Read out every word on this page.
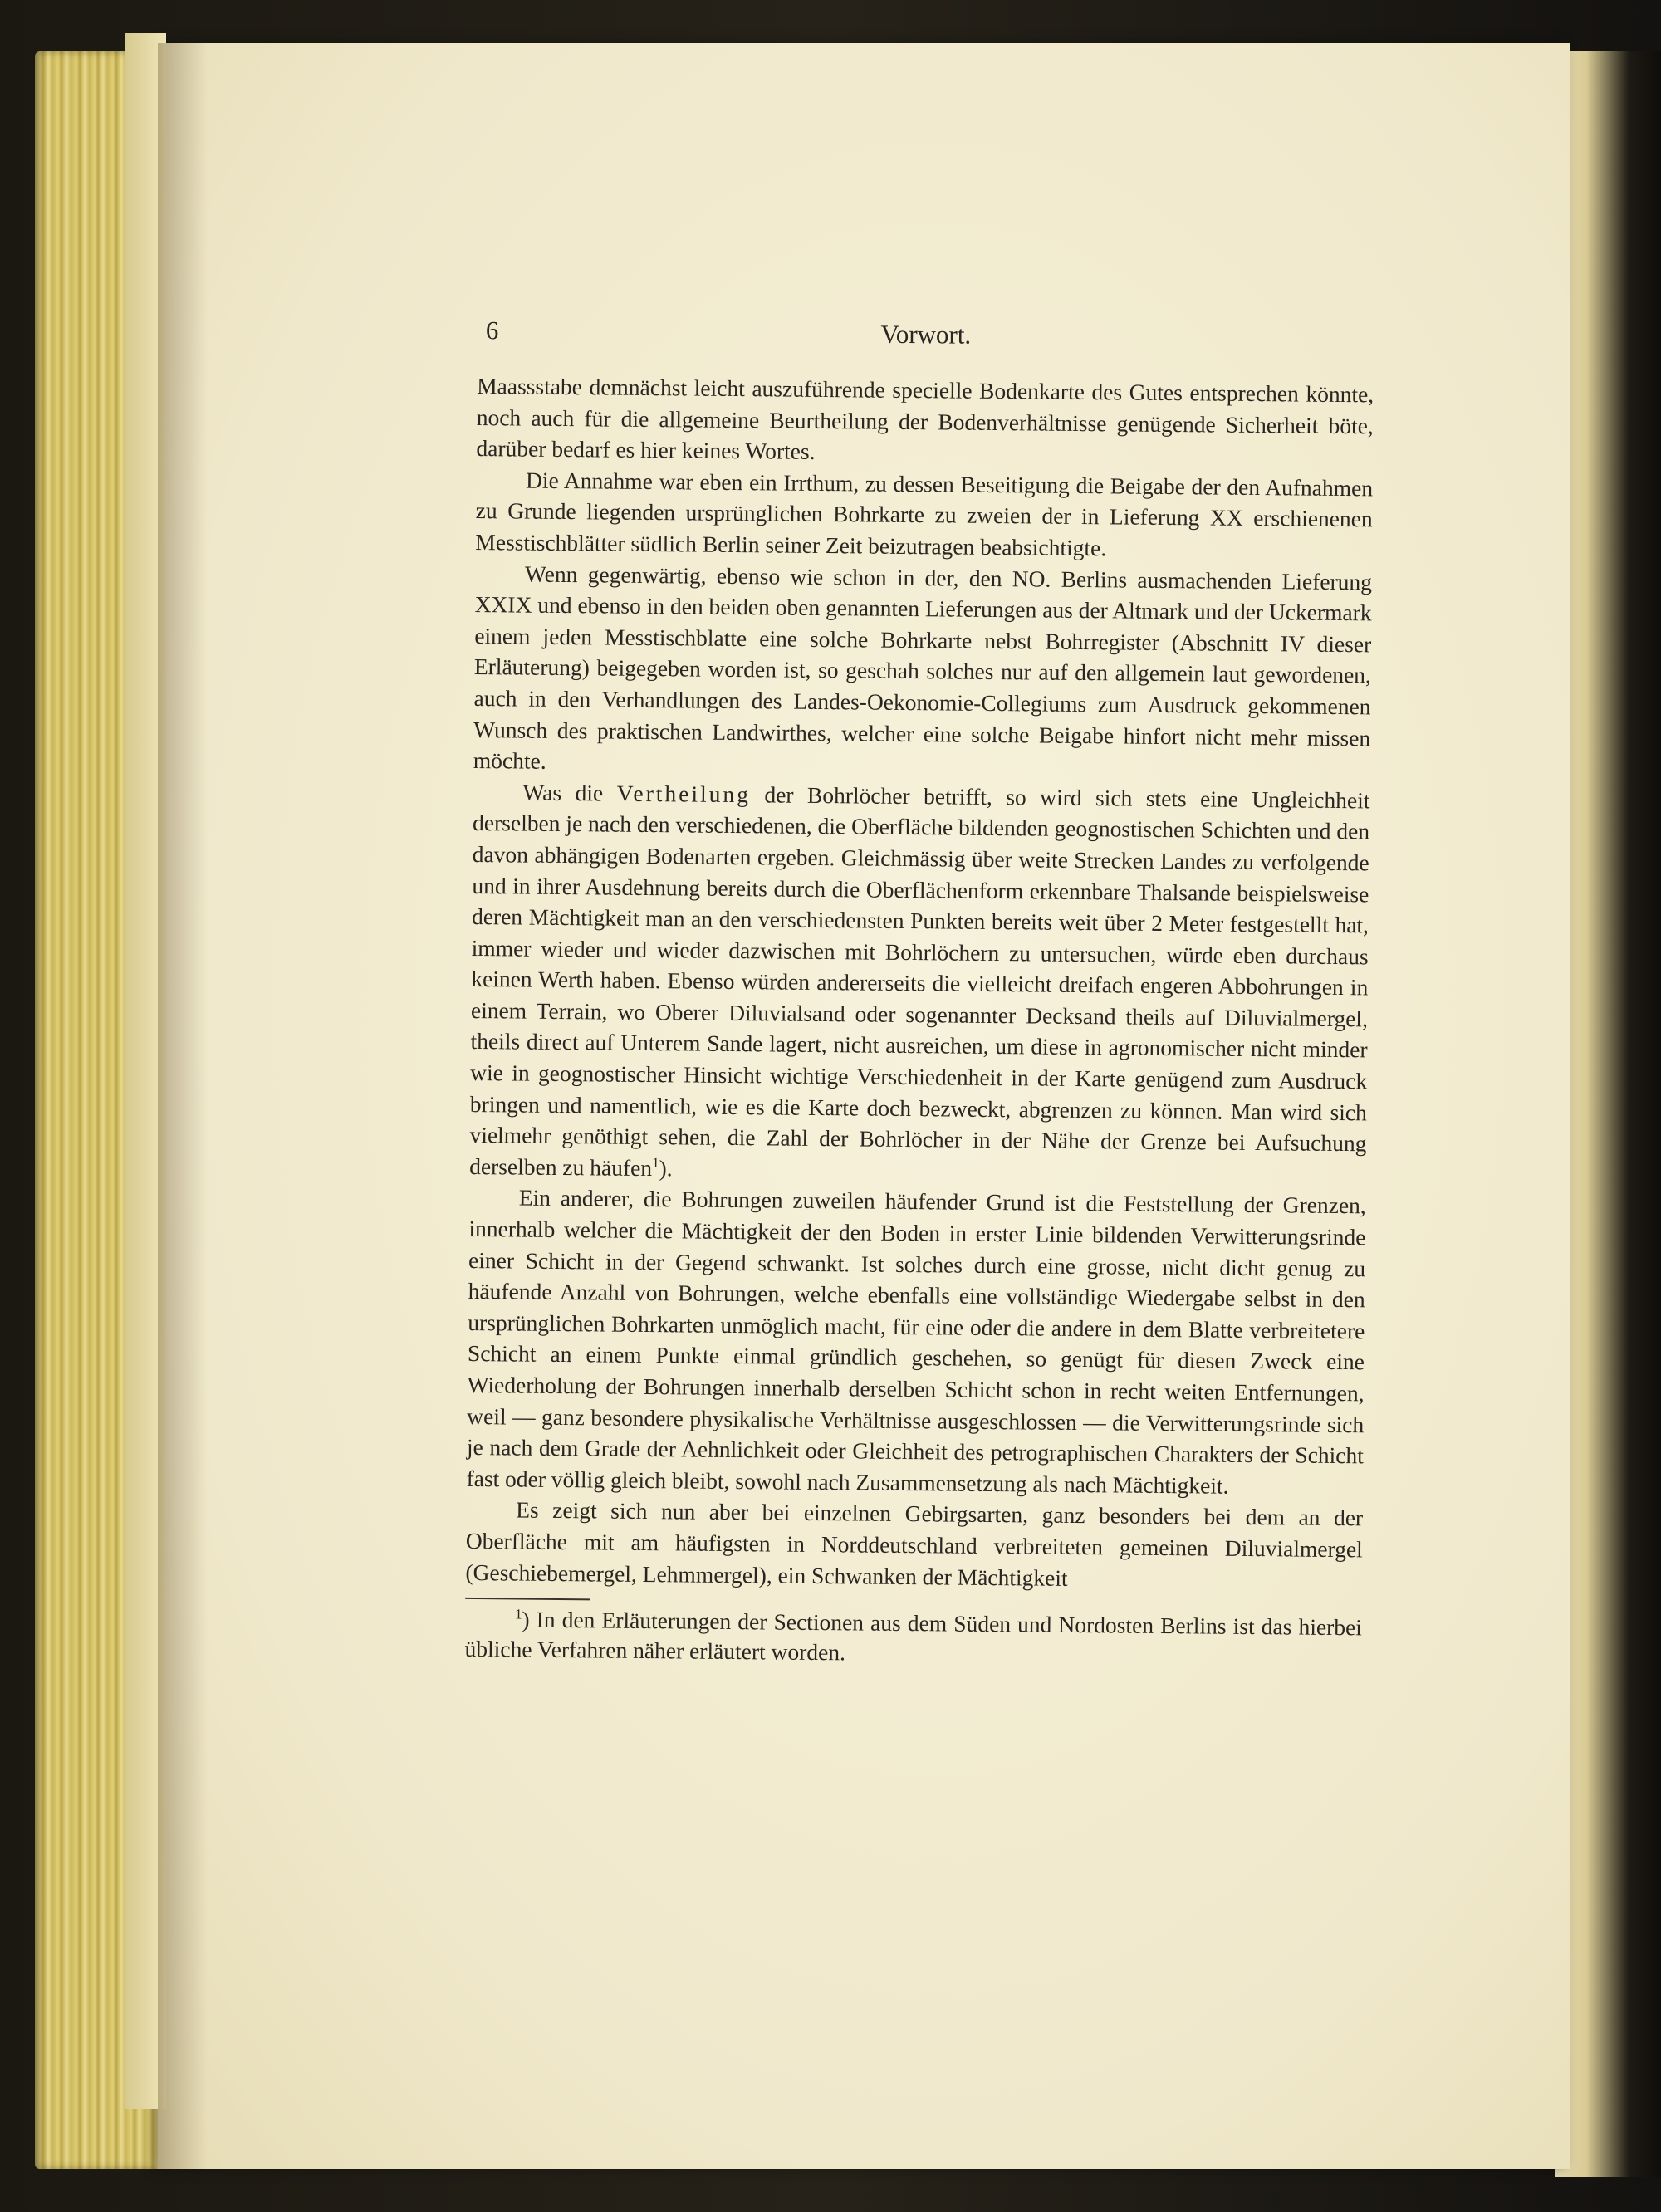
6	Vorwort.

Maassstabe demnächst leicht auszuführende specielle Bodenkarte des Gutes entsprechen könnte, noch auch für die allgemeine Beurtheilung der Bodenverhältnisse genügende Sicherheit böte, darüber bedarf es hier keines Wortes.

Die Annahme war eben ein Irrthum, zu dessen Beseitigung die Beigabe der den Aufnahmen zu Grunde liegenden ursprünglichen Bohrkarte zu zweien der in Lieferung XX erschienenen Messtischblätter südlich Berlin seiner Zeit beizutragen beabsichtigte.

Wenn gegenwärtig, ebenso wie schon in der, den NO. Berlins ausmachenden Lieferung XXIX und ebenso in den beiden oben genannten Lieferungen aus der Altmark und der Uckermark einem jeden Messtischblatte eine solche Bohrkarte nebst Bohrregister (Abschnitt IV dieser Erläuterung) beigegeben worden ist, so geschah solches nur auf den allgemein laut gewordenen, auch in den Verhandlungen des Landes-Oekonomie-Collegiums zum Ausdruck gekommenen Wunsch des praktischen Landwirthes, welcher eine solche Beigabe hinfort nicht mehr missen möchte.

Was die Vertheilung der Bohrlöcher betrifft, so wird sich stets eine Ungleichheit derselben je nach den verschiedenen, die Oberfläche bildenden geognostischen Schichten und den davon abhängigen Bodenarten ergeben. Gleichmässig über weite Strecken Landes zu verfolgende und in ihrer Ausdehnung bereits durch die Oberflächenform erkennbare Thalsande beispielsweise deren Mächtigkeit man an den verschiedensten Punkten bereits weit über 2 Meter festgestellt hat, immer wieder und wieder dazwischen mit Bohrlöchern zu untersuchen, würde eben durchaus keinen Werth haben. Ebenso würden andererseits die vielleicht dreifach engeren Abbohrungen in einem Terrain, wo Oberer Diluvialsand oder sogenannter Decksand theils auf Diluvialmergel, theils direct auf Unterem Sande lagert, nicht ausreichen, um diese in agronomischer nicht minder wie in geognostischer Hinsicht wichtige Verschiedenheit in der Karte genügend zum Ausdruck bringen und namentlich, wie es die Karte doch bezweckt, abgrenzen zu können. Man wird sich vielmehr genöthigt sehen, die Zahl der Bohrlöcher in der Nähe der Grenze bei Aufsuchung derselben zu häufen$^1$).

Ein anderer, die Bohrungen zuweilen häufender Grund ist die Feststellung der Grenzen, innerhalb welcher die Mächtigkeit der den Boden in erster Linie bildenden Verwitterungsrinde einer Schicht in der Gegend schwankt. Ist solches durch eine grosse, nicht dicht genug zu häufende Anzahl von Bohrungen, welche ebenfalls eine vollständige Wiedergabe selbst in den ursprünglichen Bohrkarten unmöglich macht, für eine oder die andere in dem Blatte verbreitetere Schicht an einem Punkte einmal gründlich geschehen, so genügt für diesen Zweck eine Wiederholung der Bohrungen innerhalb derselben Schicht schon in recht weiten Entfernungen, weil — ganz besondere physikalische Verhältnisse ausgeschlossen — die Verwitterungsrinde sich je nach dem Grade der Aehnlichkeit oder Gleichheit des petrographischen Charakters der Schicht fast oder völlig gleich bleibt, sowohl nach Zusammensetzung als nach Mächtigkeit.

Es zeigt sich nun aber bei einzelnen Gebirgsarten, ganz besonders bei dem an der Oberfläche mit am häufigsten in Norddeutschland verbreiteten gemeinen Diluvialmergel (Geschiebemergel, Lehmmergel), ein Schwanken der Mächtigkeit

$^1$) In den Erläuterungen der Sectionen aus dem Süden und Nordosten Berlins ist das hierbei übliche Verfahren näher erläutert worden.
